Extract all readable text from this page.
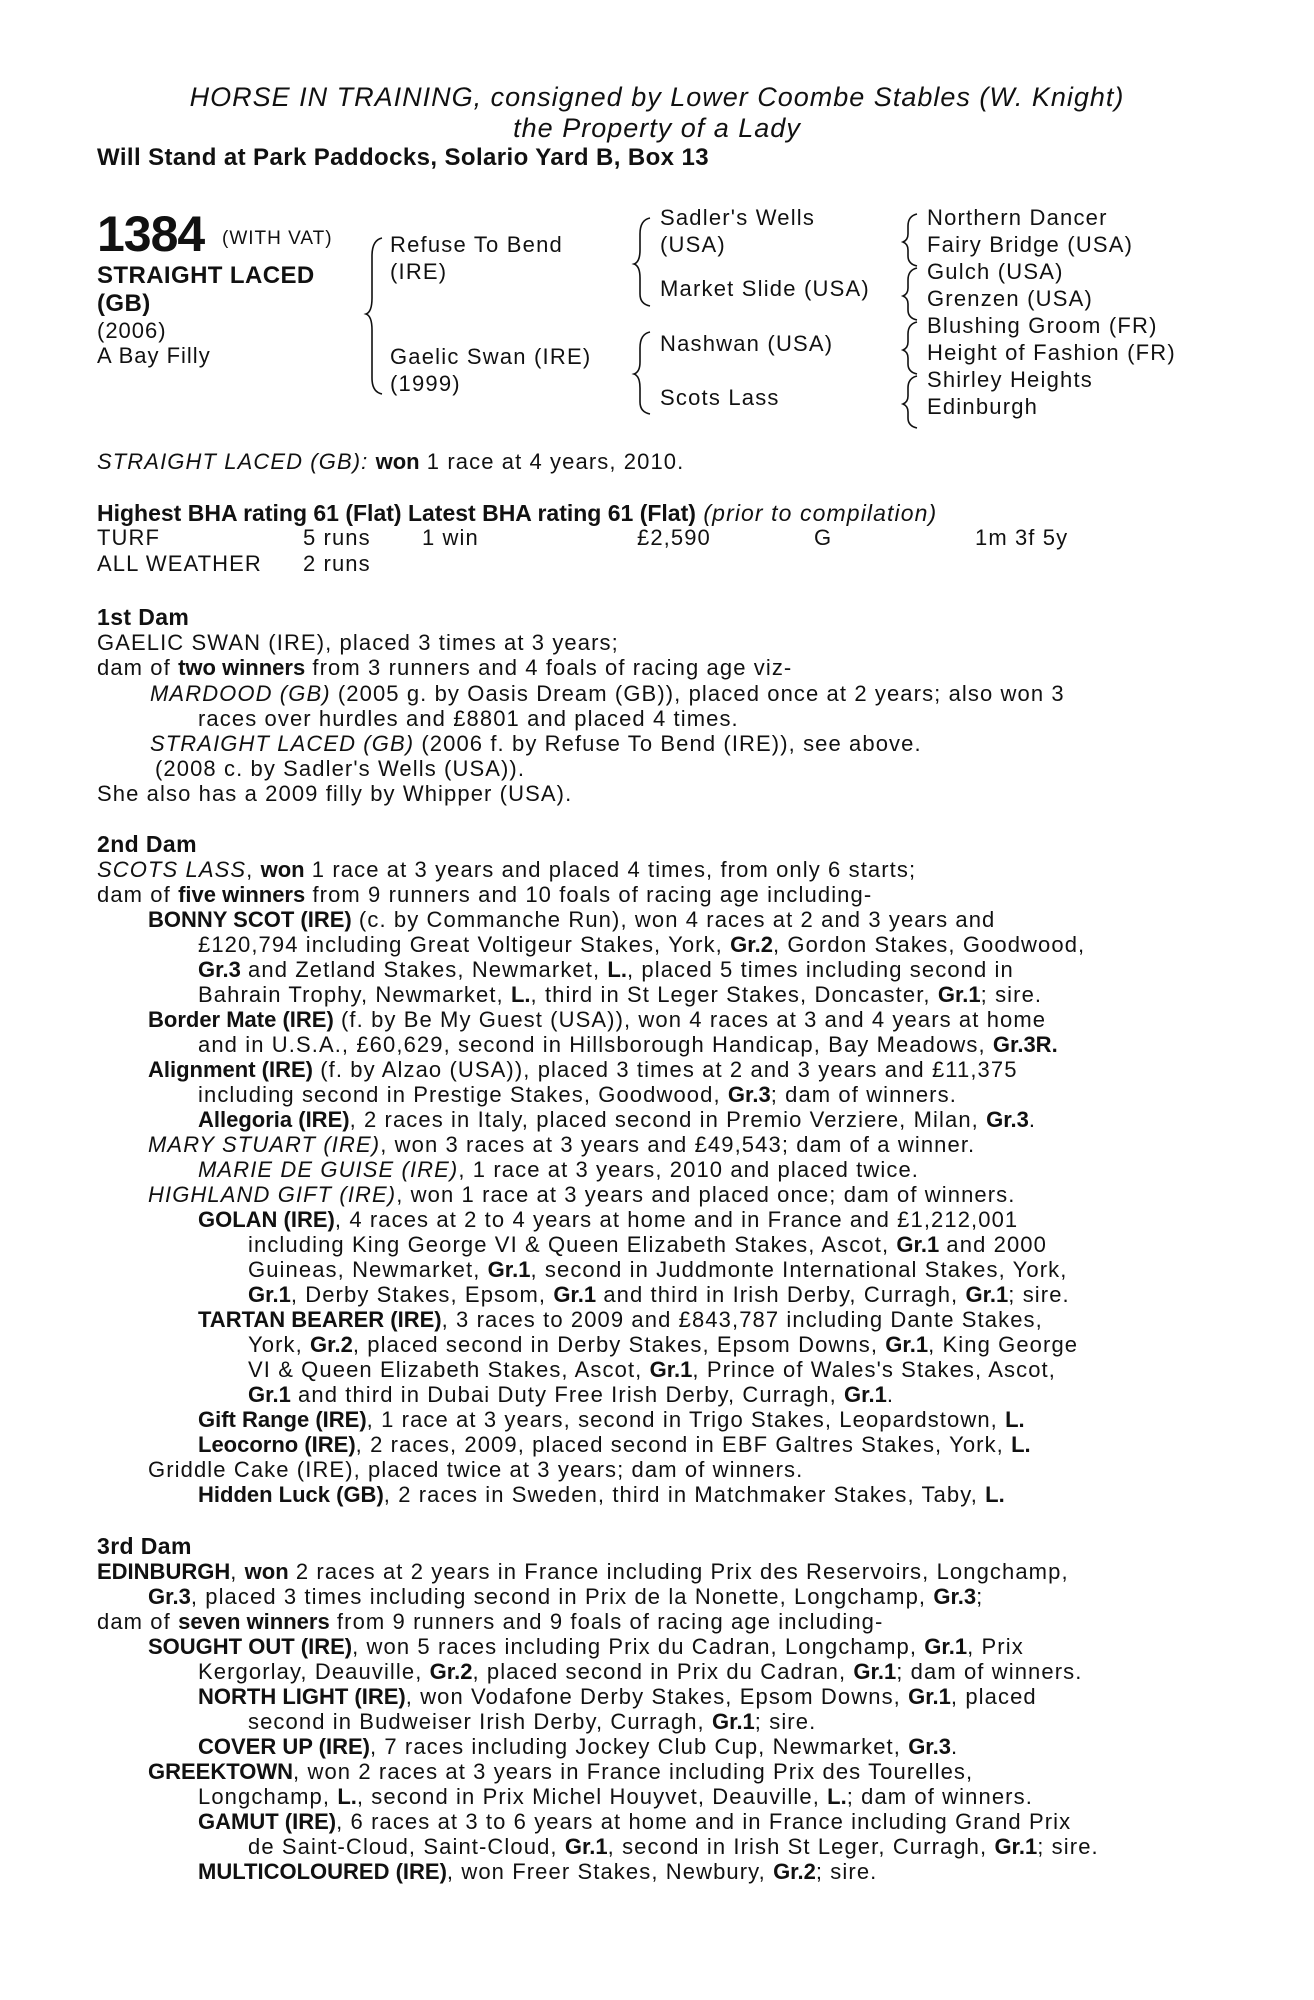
HORSE IN TRAINING, consigned by Lower Coombe Stables (W. Knight)
the Property of a Lady
Will Stand at Park Paddocks, Solario Yard B, Box 13
1384 (WITH VAT)
STRAIGHT LACED
(GB)
(2006)
A Bay Filly
Refuse To Bend
(IRE)
Gaelic Swan (IRE)
(1999)
Sadler's Wells
(USA)
Market Slide (USA)
Nashwan (USA)
Scots Lass
Northern Dancer
Fairy Bridge (USA)
Gulch (USA)
Grenzen (USA)
Blushing Groom (FR)
Height of Fashion (FR)
Shirley Heights
Edinburgh
STRAIGHT LACED (GB): won 1 race at 4 years, 2010.
Highest BHA rating 61 (Flat) Latest BHA rating 61 (Flat) (prior to compilation)
TURF	5 runs 1 win	£2,590	G	1m 3f 5y
ALL WEATHER 2 runs
1st Dam
GAELIC SWAN (IRE), placed 3 times at 3 years;
dam of two winners from 3 runners and 4 foals of racing age viz-
MARDOOD (GB) (2005 g. by Oasis Dream (GB)), placed once at 2 years; also won 3
races over hurdles and £8801 and placed 4 times.
STRAIGHT LACED (GB) (2006 f. by Refuse To Bend (IRE)), see above.
(2008 c. by Sadler's Wells (USA)).
She also has a 2009 filly by Whipper (USA).
2nd Dam
SCOTS LASS, won 1 race at 3 years and placed 4 times, from only 6 starts;
dam of five winners from 9 runners and 10 foals of racing age including-
BONNY SCOT (IRE) (c. by Commanche Run), won 4 races at 2 and 3 years and
£120,794 including Great Voltigeur Stakes, York, Gr.2, Gordon Stakes, Goodwood,
Gr.3 and Zetland Stakes, Newmarket, L., placed 5 times including second in
Bahrain Trophy, Newmarket, L., third in St Leger Stakes, Doncaster, Gr.1; sire.
Border Mate (IRE) (f. by Be My Guest (USA)), won 4 races at 3 and 4 years at home
and in U.S.A., £60,629, second in Hillsborough Handicap, Bay Meadows, Gr.3R.
Alignment (IRE) (f. by Alzao (USA)), placed 3 times at 2 and 3 years and £11,375
including second in Prestige Stakes, Goodwood, Gr.3; dam of winners.
Allegoria (IRE), 2 races in Italy, placed second in Premio Verziere, Milan, Gr.3.
MARY STUART (IRE), won 3 races at 3 years and £49,543; dam of a winner.
MARIE DE GUISE (IRE), 1 race at 3 years, 2010 and placed twice.
HIGHLAND GIFT (IRE), won 1 race at 3 years and placed once; dam of winners.
GOLAN (IRE), 4 races at 2 to 4 years at home and in France and £1,212,001
including King George VI & Queen Elizabeth Stakes, Ascot, Gr.1 and 2000
Guineas, Newmarket, Gr.1, second in Juddmonte International Stakes, York,
Gr.1, Derby Stakes, Epsom, Gr.1 and third in Irish Derby, Curragh, Gr.1; sire.
TARTAN BEARER (IRE), 3 races to 2009 and £843,787 including Dante Stakes,
York, Gr.2, placed second in Derby Stakes, Epsom Downs, Gr.1, King George
VI & Queen Elizabeth Stakes, Ascot, Gr.1, Prince of Wales's Stakes, Ascot,
Gr.1 and third in Dubai Duty Free Irish Derby, Curragh, Gr.1.
Gift Range (IRE), 1 race at 3 years, second in Trigo Stakes, Leopardstown, L.
Leocorno (IRE), 2 races, 2009, placed second in EBF Galtres Stakes, York, L.
Griddle Cake (IRE), placed twice at 3 years; dam of winners.
Hidden Luck (GB), 2 races in Sweden, third in Matchmaker Stakes, Taby, L.
3rd Dam
EDINBURGH, won 2 races at 2 years in France including Prix des Reservoirs, Longchamp,
Gr.3, placed 3 times including second in Prix de la Nonette, Longchamp, Gr.3;
dam of seven winners from 9 runners and 9 foals of racing age including-
SOUGHT OUT (IRE), won 5 races including Prix du Cadran, Longchamp, Gr.1, Prix
Kergorlay, Deauville, Gr.2, placed second in Prix du Cadran, Gr.1; dam of winners.
NORTH LIGHT (IRE), won Vodafone Derby Stakes, Epsom Downs, Gr.1, placed
second in Budweiser Irish Derby, Curragh, Gr.1; sire.
COVER UP (IRE), 7 races including Jockey Club Cup, Newmarket, Gr.3.
GREEKTOWN, won 2 races at 3 years in France including Prix des Tourelles,
Longchamp, L., second in Prix Michel Houyvet, Deauville, L.; dam of winners.
GAMUT (IRE), 6 races at 3 to 6 years at home and in France including Grand Prix
de Saint-Cloud, Saint-Cloud, Gr.1, second in Irish St Leger, Curragh, Gr.1; sire.
MULTICOLOURED (IRE), won Freer Stakes, Newbury, Gr.2; sire.
